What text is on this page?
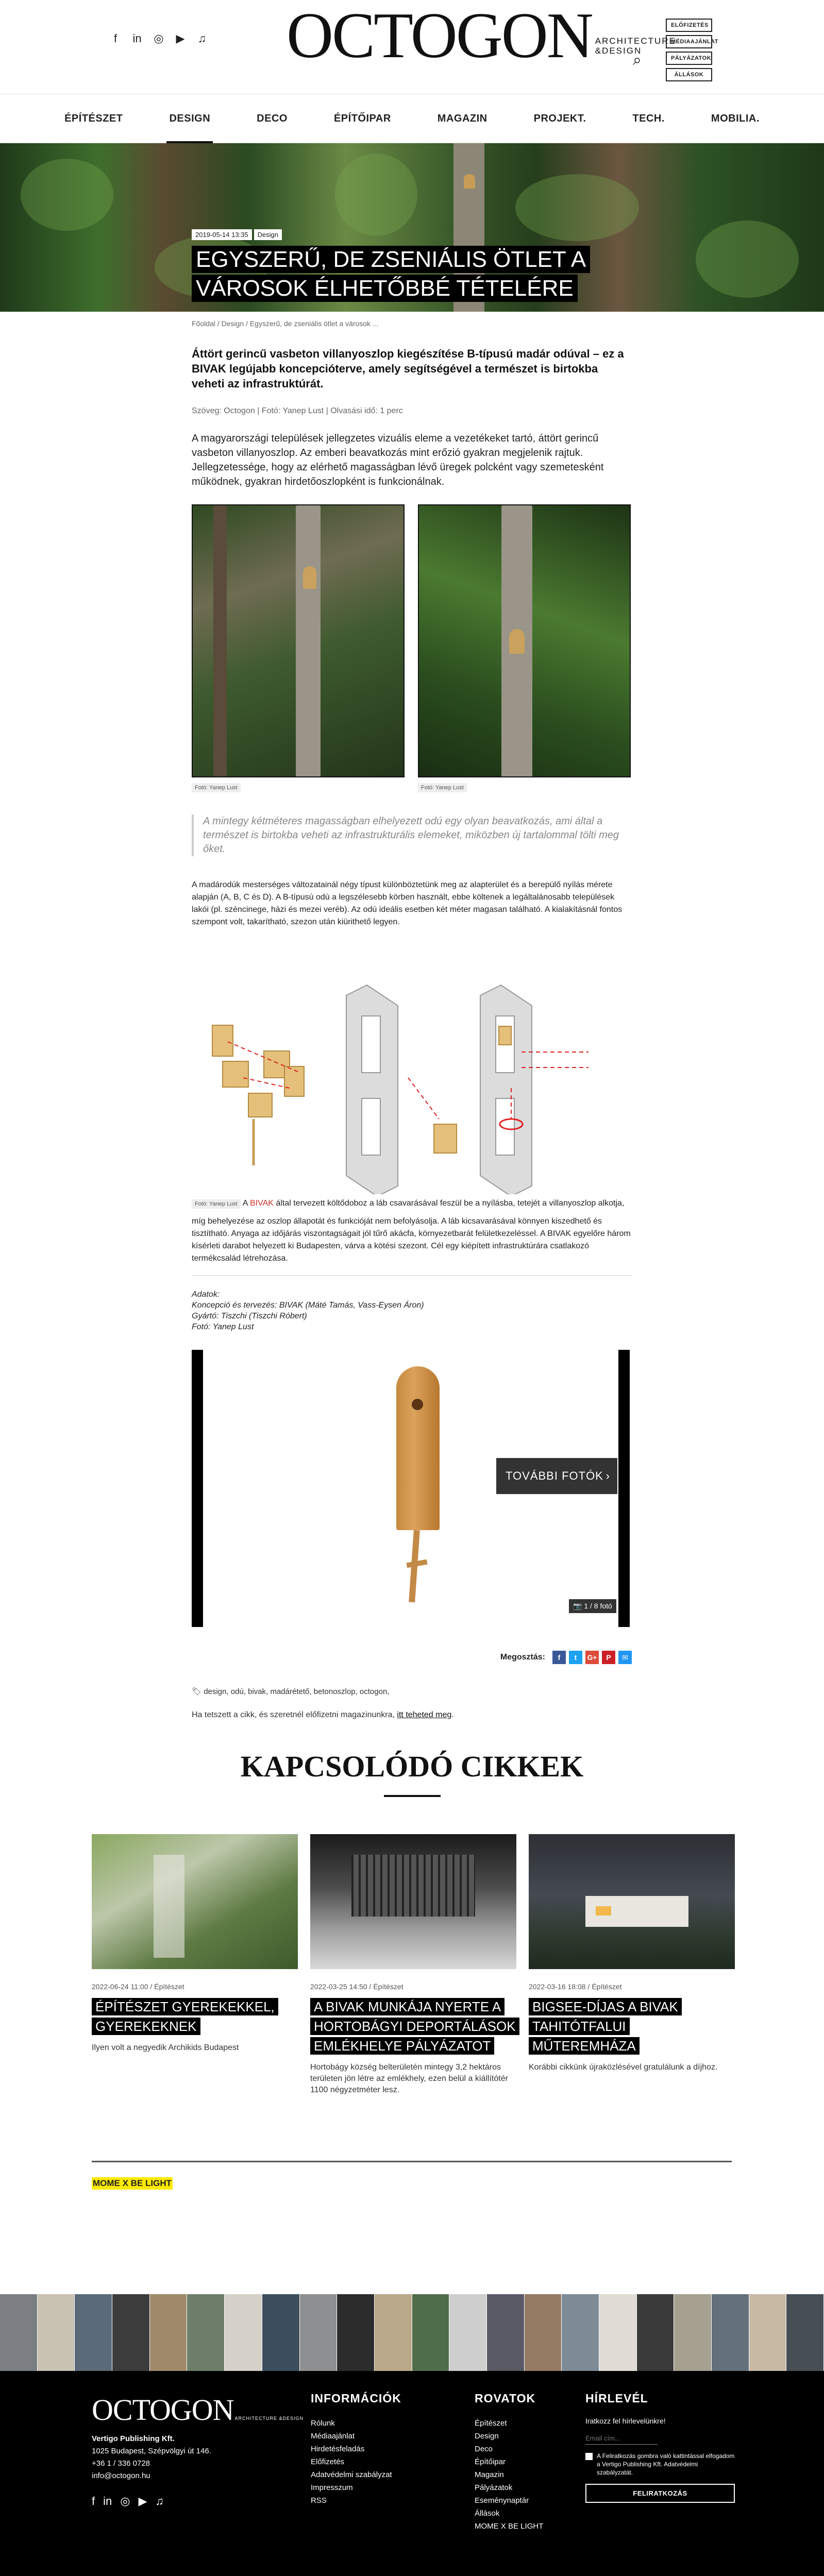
f	in ◎ ▶ ♫ OCTOGON ARCHITECTURE
&DESIGN
⌕
ELŐFIZETÉS
MÉDIAAJÁNLAT
PÁLYÁZATOK
ÁLLÁSOK
ÉPÍTÉSZET	DESIGN	DECO	ÉPÍTŐIPAR	MAGAZIN	PROJEKT.	TECH.	MOBILIA.
2019-05-14 13:35	Design
EGYSZERŰ, DE ZSENIÁLIS ÖTLET A VÁROSOK ÉLHETŐBBÉ TÉTELÉRE
Főoldal / Design / Egyszerű, de zseniális ötlet a városok ...

Áttört gerincű vasbeton villanyoszlop kiegészítése B-típusú madár odúval – ez a BIVAK legújabb koncepciótervе, amely segítségével a természet is birtokba veheti az infrastruktúrát.

Szöveg: Octogon | Fotó: Yanep Lust | Olvasási idő: 1 perc

A magyarországi települések jellegzetes vizuális eleme a vezetékeket tartó, áttört gerincű vasbeton villanyoszlop. Az emberi beavatkozás mint erőzió gyakran megjelenik rajtuk. Jellegzetessége, hogy az elérhető magasságban lévő üregek polcként vagy szemetesként működnek, gyakran hirdetőoszlopként is funkcionálnak.

Fotó: Yanep Lust	Fotó: Yanep Lust
A mintegy kétméteres magasságban elhelyezett odú egy olyan beavatkozás, ami által a természet is birtokba veheti az infrastrukturális elemeket, miközben új tartalommal tölti meg őket.

A madárodúk mesterséges változatainál négy típust különböztetünk meg az alapterület és a berepülő nyílás mérete alapján (A, B, C és D). A B-típusú odú a legszélesebb körben használt, ebbe költenek a legáltalánosabb települések lakói (pl. széncinege, házi és mezei veréb). Az odú ideális esetben két méter magasan található. A kialakításnál fontos szempont volt, takarítható, szezon után kiürithető legyen.

Fotó: Yanep Lust A BIVAK által tervezett költődoboz a láb csavarásával feszül be a nyílásba, tetejét a villanyoszlop alkotja,

míg behelyezése az oszlop állapotát és funkcióját nem befolyásolja. A láb kicsavarásával könnyen kiszedhető és tisztítható. Anyaga az időjárás viszontagságait jól tűrő akácfa, környezetbarát felületkezeléssel. A BIVAK egyelőre három kísérleti darabot helyezett ki Budapesten, várva a kötési szezont. Cél egy kiépített infrastruktúrára csatlakozó termékcsalád létrehozása.

Adatok:
Koncepció és tervezés: BIVAK (Máté Tamás, Vass-Eysen Áron)
Gyártó: Tiszchi (Tiszchi Róbert)
Fotó: Yanep Lust
TOVÁBBI FOTÓK ›
📷 1 / 8 fotó
Megosztás:	f	t	G+	P	✉

🏷 design, odú, bivak, madárétető, betonoszlop, octogon,

Ha tetszett a cikk, és szeretnél előfizetni magazinunkra, itt teheted meg.

KAPCSOLÓDÓ CIKKEK
2022-06-24 11:00 / Építészet
ÉPÍTÉSZET GYEREKEKKEL, GYEREKEKNEK

Ilyen volt a negyedik Archikids Budapest

2022-03-25 14:50 / Építészet
A BIVAK MUNKÁJA NYERTE A HORTOBÁGYI DEPORTÁLÁSOK EMLÉKHELYE PÁLYÁZATOT

Hortobágy község belterületén mintegy 3,2 hektáros területen jön létre az emlékhely, ezen belül a kiállítótér 1100 négyzetméter lesz.

2022-03-16 18:08 / Építészet
BIGSEE-DÍJAS A BIVAK TAHITÓTFALUI MŰTEREMHÁZA

Korábbi cikkünk újraközlésével gratulálunk a díjhoz.

MOME X BE LIGHT
OCTOGON ARCHITECTURE &DESIGN
Vertigo Publishing Kft.
1025 Budapest, Szépvölgyi út 146.
+36 1 / 336 0728
info@octogon.hu
f in ◎ ▶ ♫
INFORMÁCIÓK
Rólunk
Médiaajánlat
Hirdetésfeladás
Előfizetés
Adatvédelmi szabályzat
Impresszum
RSS
ROVATOK
Építészet
Design
Deco
Építőipar
Magazin
Pályázatok
Eseménynaptár
Állások
MOME X BE LIGHT
HÍRLEVÉL

Iratkozz fel hírlevelünkre!

Email cím...
A Feliratkozás gombra való kattintással elfogadom a Vertigo Publishing Kft. Adatvédelmi szabályzatát.
FELIRATKOZÁS
